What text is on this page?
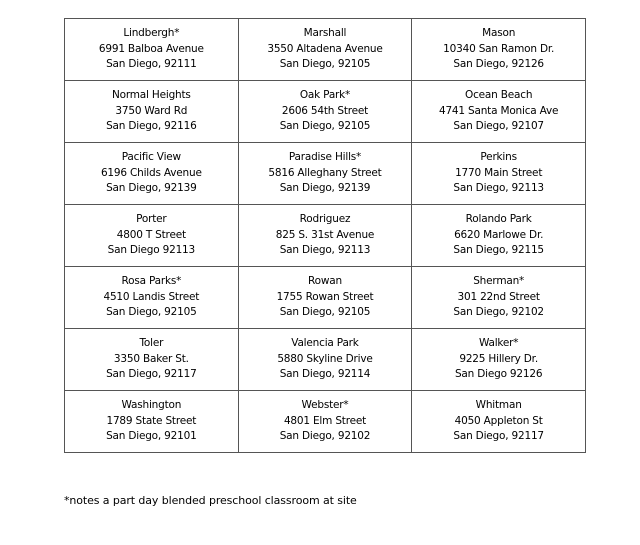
Lindbergh*
6991 Balboa Avenue
San Diego, 92111	Marshall
3550 Altadena Avenue
San Diego, 92105	Mason
10340 San Ramon Dr.
San Diego, 92126

Normal Heights
3750 Ward Rd
San Diego, 92116	Oak Park*
2606 54th Street
San Diego, 92105	Ocean Beach
4741 Santa Monica Ave
San Diego, 92107

Pacific View
6196 Childs Avenue
San Diego, 92139	Paradise Hills*
5816 Alleghany Street
San Diego, 92139	Perkins
1770 Main Street
San Diego, 92113

Porter
4800 T Street
San Diego 92113	Rodriguez
825 S. 31st Avenue
San Diego, 92113	Rolando Park
6620 Marlowe Dr.
San Diego, 92115

Rosa Parks*
4510 Landis Street
San Diego, 92105	Rowan
1755 Rowan Street
San Diego, 92105	Sherman*
301 22nd Street
San Diego, 92102

Toler
3350 Baker St.
San Diego, 92117	Valencia Park
5880 Skyline Drive
San Diego, 92114	Walker*
9225 Hillery Dr.
San Diego 92126

Washington
1789 State Street
San Diego, 92101	Webster*
4801 Elm Street
San Diego, 92102	Whitman
4050 Appleton St
San Diego, 92117
*notes a part day blended preschool classroom at site
